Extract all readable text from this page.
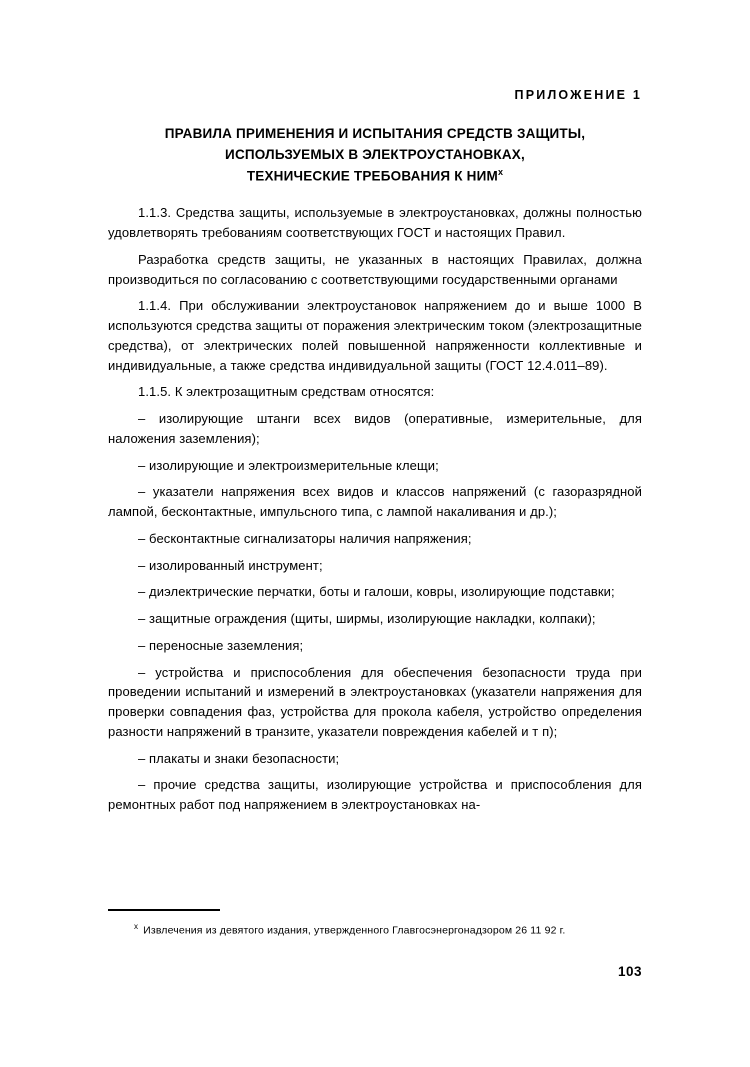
ПРИЛОЖЕНИЕ 1
ПРАВИЛА ПРИМЕНЕНИЯ И ИСПЫТАНИЯ СРЕДСТВ ЗАЩИТЫ,
ИСПОЛЬЗУЕМЫХ В ЭЛЕКТРОУСТАНОВКАХ,
ТЕХНИЧЕСКИЕ ТРЕБОВАНИЯ К $НИМ^х$

1.1.3. Средства защиты, используемые в электроустановках, должны полностью удовлетворять требованиям соответствующих ГОСТ и настоящих Правил.

Разработка средств защиты, не указанных в настоящих Правилах, должна производиться по согласованию с соответствующими государственными органами

1.1.4. При обслуживании электроустановок напряжением до и выше 1000 В используются средства защиты от поражения электрическим током (электрозащитные средства), от электрических полей повышенной напряженности коллективные и индивидуальные, а также средства индивидуальной защиты (ГОСТ 12.4.011–89).

1.1.5. К электрозащитным средствам относятся:

– изолирующие штанги всех видов (оперативные, измерительные, для наложения заземления);

– изолирующие и электроизмерительные клещи;

– указатели напряжения всех видов и классов напряжений (с газоразрядной лампой, бесконтактные, импульсного типа, с лампой накаливания и др.);

– бесконтактные сигнализаторы наличия напряжения;

– изолированный инструмент;

– диэлектрические перчатки, боты и галоши, ковры, изолирующие подставки;

– защитные ограждения (щиты, ширмы, изолирующие накладки, колпаки);

– переносные заземления;

– устройства и приспособления для обеспечения безопасности труда при проведении испытаний и измерений в электроустановках (указатели напряжения для проверки совпадения фаз, устройства для прокола кабеля, устройство определения разности напряжений в транзите, указатели повреждения кабелей и т п);

– плакаты и знаки безопасности;

– прочие средства защиты, изолирующие устройства и приспособления для ремонтных работ под напряжением в электроустановках на-

$^х$ Извлечения из девятого издания, утвержденного Главгосэнергонадзором 26 11 92 г.

103
